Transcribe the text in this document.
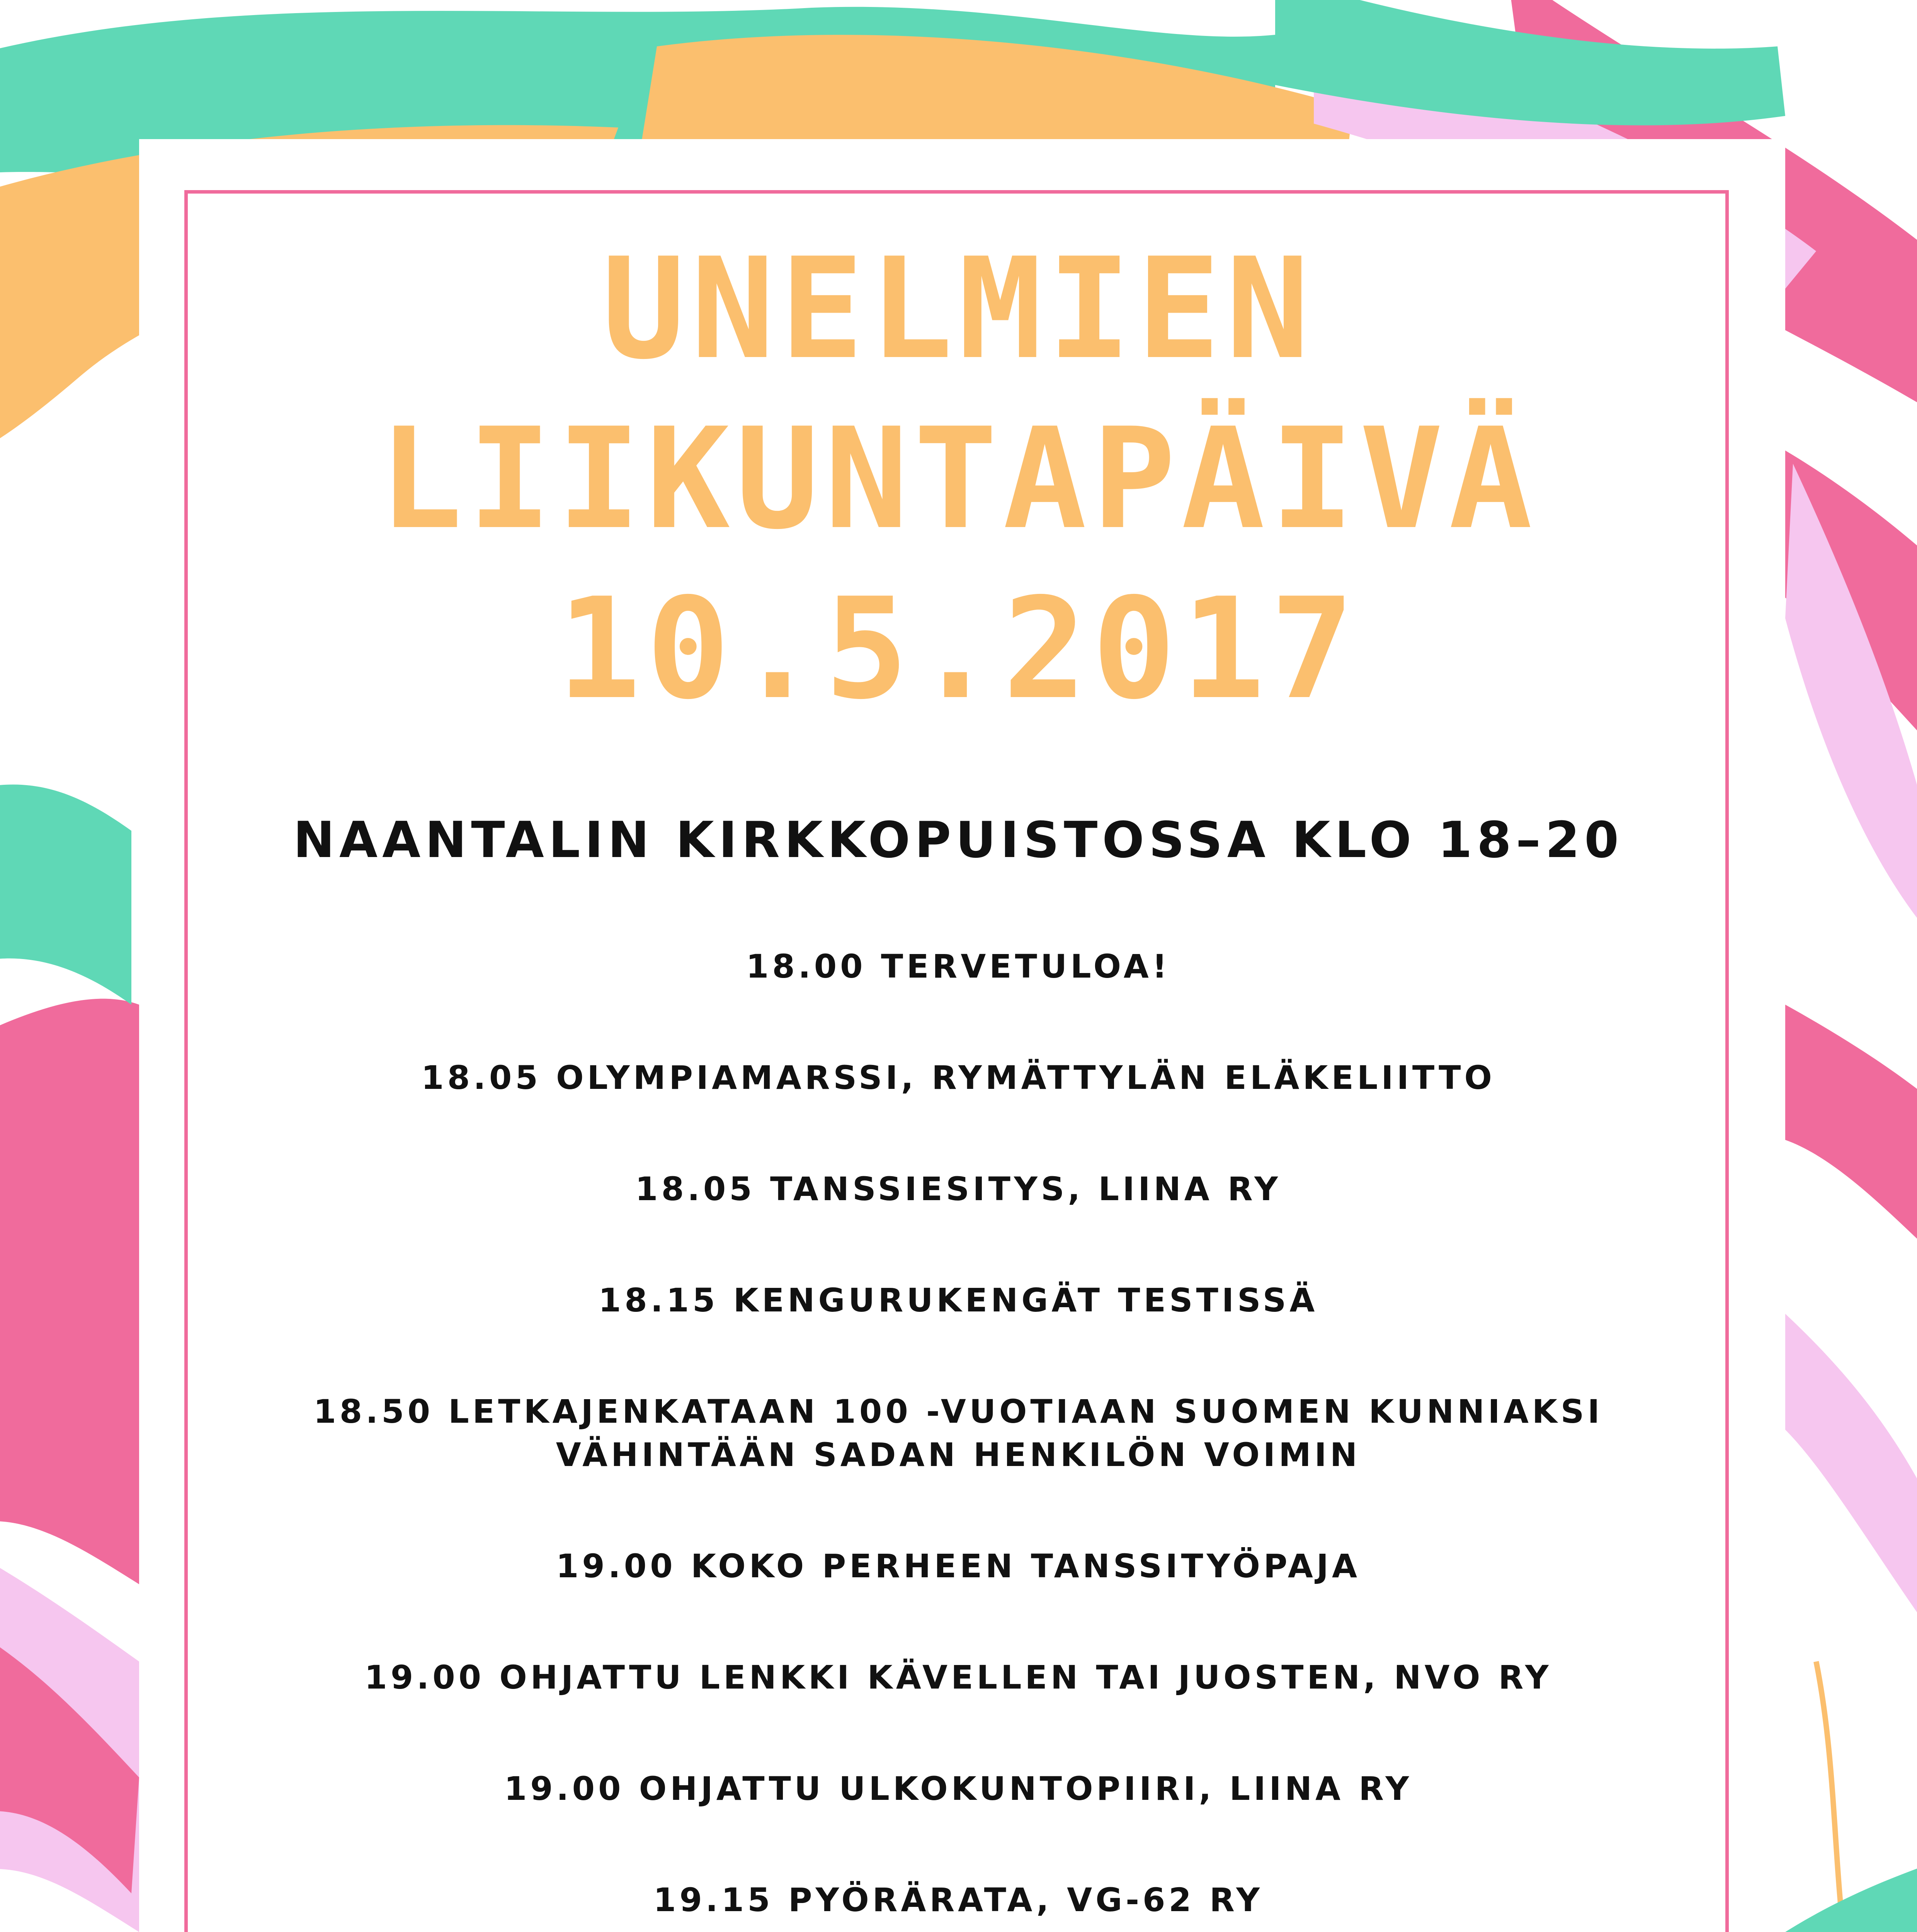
UNELMIEN

LIIKUNTAPÄIVÄ

10.5.2017

NAANTALIN KIRKKOPUISTOSSA KLO 18–20
18.00 TERVETULOA!
18.05 OLYMPIAMARSSI, RYMÄTTYLÄN ELÄKELIITTO
18.05 TANSSIESITYS, LIINA RY
18.15 KENGURUKENGÄT TESTISSÄ
18.50 LETKAJENKATAAN 100 -VUOTIAAN SUOMEN KUNNIAKSI
VÄHINTÄÄN SADAN HENKILÖN VOIMIN
19.00 KOKO PERHEEN TANSSITYÖPAJA
19.00 OHJATTU LENKKI KÄVELLEN TAI JUOSTEN, NVO RY
19.00 OHJATTU ULKOKUNTOPIIRI, LIINA RY
19.15 PYÖRÄRATA, VG-62 RY
